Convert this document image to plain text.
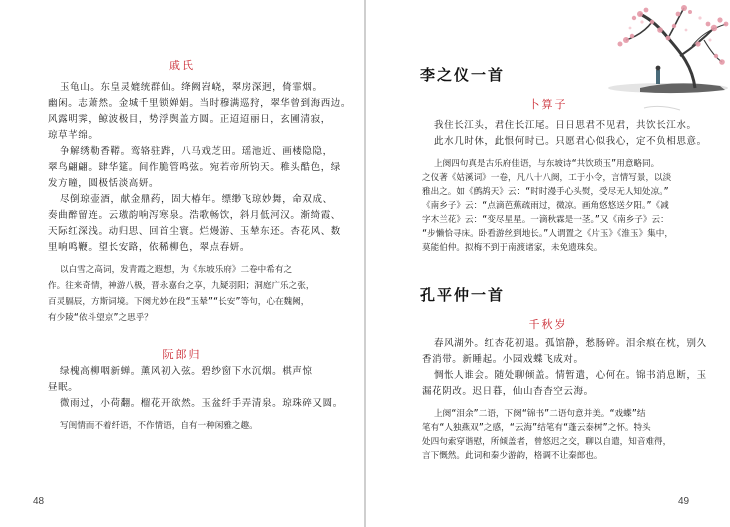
戚氏
玉龟山。东皇灵媲统群仙。绛阙岧峣，翠房深迥，倚霏烟。
幽闲。志萧然。金城千里锁婵娟。当时穆满巡狩，翠华曾到海西边。
风露明霁，鲸波极目，势浮舆盖方圆。正迢迢丽日，玄圃清寂，
琼草芊绵。
争解绣勒香鞯。鸾辂驻跸，八马戏芝田。瑶池近、画楼隐隐，
翠鸟翩翩。肆华筵。间作脆管鸣弦。宛若帝所钧天。稚头酷色，绿
发方瞳，圆极恬淡高妍。
尽倒琼壶酒，献金鼎药，固大椿年。缥缈飞琼妙舞，命双成、
奏曲醉留连。云璈韵响泻寒泉。浩歌畅饮，斜月低河汉。渐绮霞、
天际红深浅。动归思、回首尘寰。烂熳游、玉辇东还。杏花风、数
里响鸣鞭。望长安路，依稀柳色，翠点春妍。
以白雪之高词，发青霞之遐想，为《东坡乐府》二卷中希有之
作。往来奇情，神游八极，晋永嘉台之享，九疑羽阳；洞庭广乐之张，
百灵膈辰，方斯词境。下阕尤妙在段“玉辇”“长安”等句，心在魏阙，
有少陵“依斗望京”之思乎？
阮郎归
绿槐高柳咽新蝉。薰风初入弦。碧纱窗下水沉烟。棋声惊
昼眠。
微雨过，小荷翻。榴花开欲然。玉盆纤手弄清泉。琼珠碎又圆。
写闺情而不着纤语，不作情语，自有一种闲雅之趣。
48
李之仪一首
卜算子
我住长江头，君住长江尾。日日思君不见君，共饮长江水。
此水几时休，此恨何时已。只愿君心似我心，定不负相思意。
上阕四句真是古乐府佳语，与东坡诗“共饮琐玉”用意略同。
之仪著《姑溪词》一卷，凡八十八阕，工于小令，言情写景，以淡
雅出之。如《鹧鸪天》云：“时时漫手心头熨，受尽无人知处凉。”
《南乡子》云：“点滴芭蕉疏雨过，微凉。画角悠悠送夕阳。”《减
字木兰花》云：“变尽星星。一滴秋霖是一茎。”又《南乡子》云：
“步懒恰寻床。卧看游丝到地长。”人谓置之《片玉》《淮玉》集中，
莫能伯仲。拟梅不到于南渡诸家，未免遗珠矣。
孔平仲一首
千秋岁
春风湖外。红杏花初退。孤馆静，愁肠碎。泪余痕在枕，别久
香消带。新睡起。小园戏蝶飞成对。
惆怅人谁会。随处聊倾盖。情暂遣，心何在。锦书消息断，玉
漏花阴改。迟日暮，仙山杳杳空云海。
上阕“泪余”二语，下阕“锦书”二语句意并美。“戏蝶”结
笔有“人独燕双”之感，“云海”结笔有“蓬云泰树”之怀。特头
处四句索穿谐慰，所倾盖者，曾悠迟之交，聊以自遣，知音难得，
言下慨然。此词和秦少游韵，格调不让秦郎也。
49
